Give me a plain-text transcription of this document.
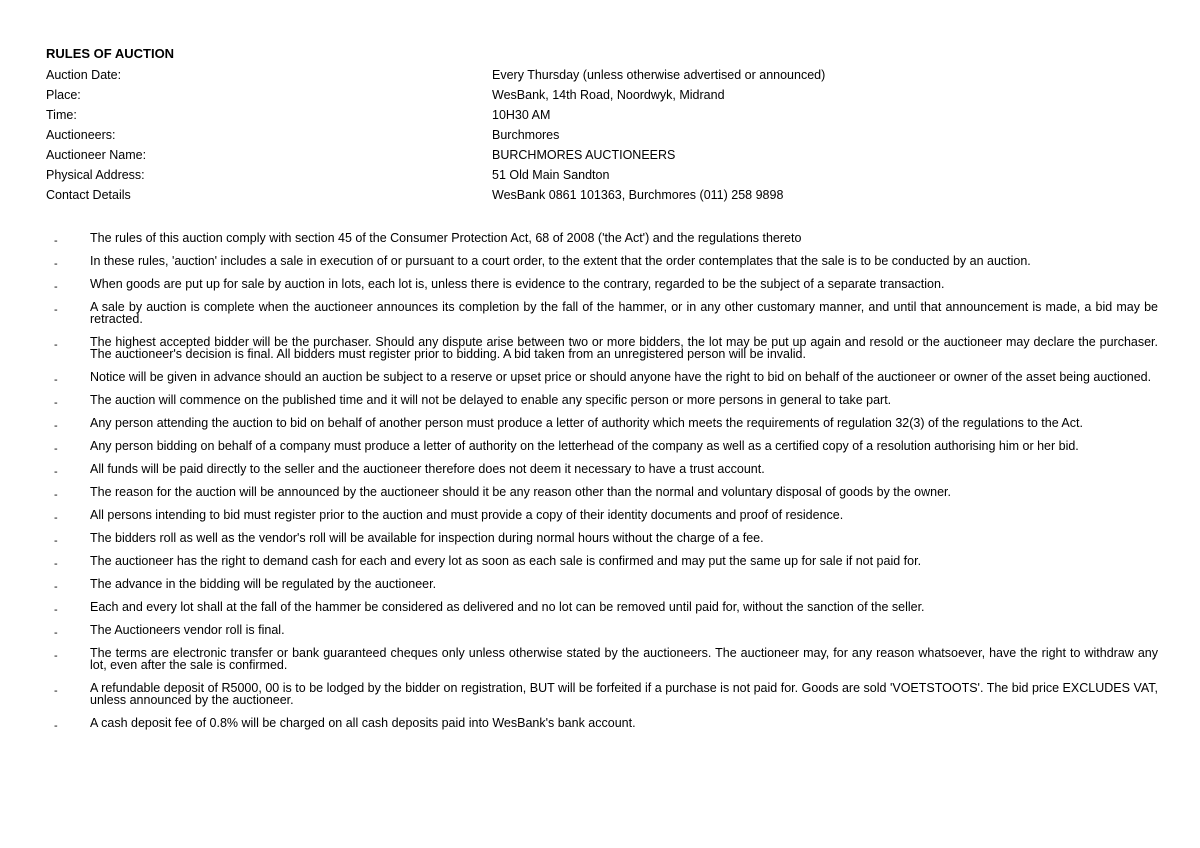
RULES OF AUCTION
Auction Date:	Every Thursday (unless otherwise advertised or announced)
Place:	WesBank, 14th Road, Noordwyk, Midrand
Time:	10H30 AM
Auctioneers:	Burchmores
Auctioneer Name:	BURCHMORES AUCTIONEERS
Physical Address:	51 Old Main Sandton
Contact Details	WesBank 0861 101363, Burchmores (011) 258 9898
-	The rules of this auction comply with section 45 of the Consumer Protection Act, 68 of 2008 ('the Act') and the regulations thereto
-	In these rules, 'auction' includes a sale in execution of or pursuant to a court order, to the extent that the order contemplates that the sale is to be conducted by an auction.
-	When goods are put up for sale by auction in lots, each lot is, unless there is evidence to the contrary, regarded to be the subject of a separate transaction.
-	A sale by auction is complete when the auctioneer announces its completion by the fall of the hammer, or in any other customary manner, and until that announcement is made, a bid may be retracted.
-	The highest accepted bidder will be the purchaser. Should any dispute arise between two or more bidders, the lot may be put up again and resold or the auctioneer may declare the purchaser. The auctioneer's decision is final. All bidders must register prior to bidding. A bid taken from an unregistered person will be invalid.
-	Notice will be given in advance should an auction be subject to a reserve or upset price or should anyone have the right to bid on behalf of the auctioneer or owner of the asset being auctioned.
-	The auction will commence on the published time and it will not be delayed to enable any specific person or more persons in general to take part.
-	Any person attending the auction to bid on behalf of another person must produce a letter of authority which meets the requirements of regulation 32(3) of the regulations to the Act.
-	Any person bidding on behalf of a company must produce a letter of authority on the letterhead of the company as well as a certified copy of a resolution authorising him or her bid.
-	All funds will be paid directly to the seller and the auctioneer therefore does not deem it necessary to have a trust account.
-	The reason for the auction will be announced by the auctioneer should it be any reason other than the normal and voluntary disposal of goods by the owner.
-	All persons intending to bid must register prior to the auction and must provide a copy of their identity documents and proof of residence.
-	The bidders roll as well as the vendor's roll will be available for inspection during normal hours without the charge of a fee.
-	The auctioneer has the right to demand cash for each and every lot as soon as each sale is confirmed and may put the same up for sale if not paid for.
-	The advance in the bidding will be regulated by the auctioneer.
-	Each and every lot shall at the fall of the hammer be considered as delivered and no lot can be removed until paid for, without the sanction of the seller.
-	The Auctioneers vendor roll is final.
-	The terms are electronic transfer or bank guaranteed cheques only unless otherwise stated by the auctioneers. The auctioneer may, for any reason whatsoever, have the right to withdraw any lot, even after the sale is confirmed.
-	A refundable deposit of R5000, 00 is to be lodged by the bidder on registration, BUT will be forfeited if a purchase is not paid for. Goods are sold 'VOETSTOOTS'. The bid price EXCLUDES VAT, unless announced by the auctioneer.
-	A cash deposit fee of 0.8% will be charged on all cash deposits paid into WesBank's bank account.
